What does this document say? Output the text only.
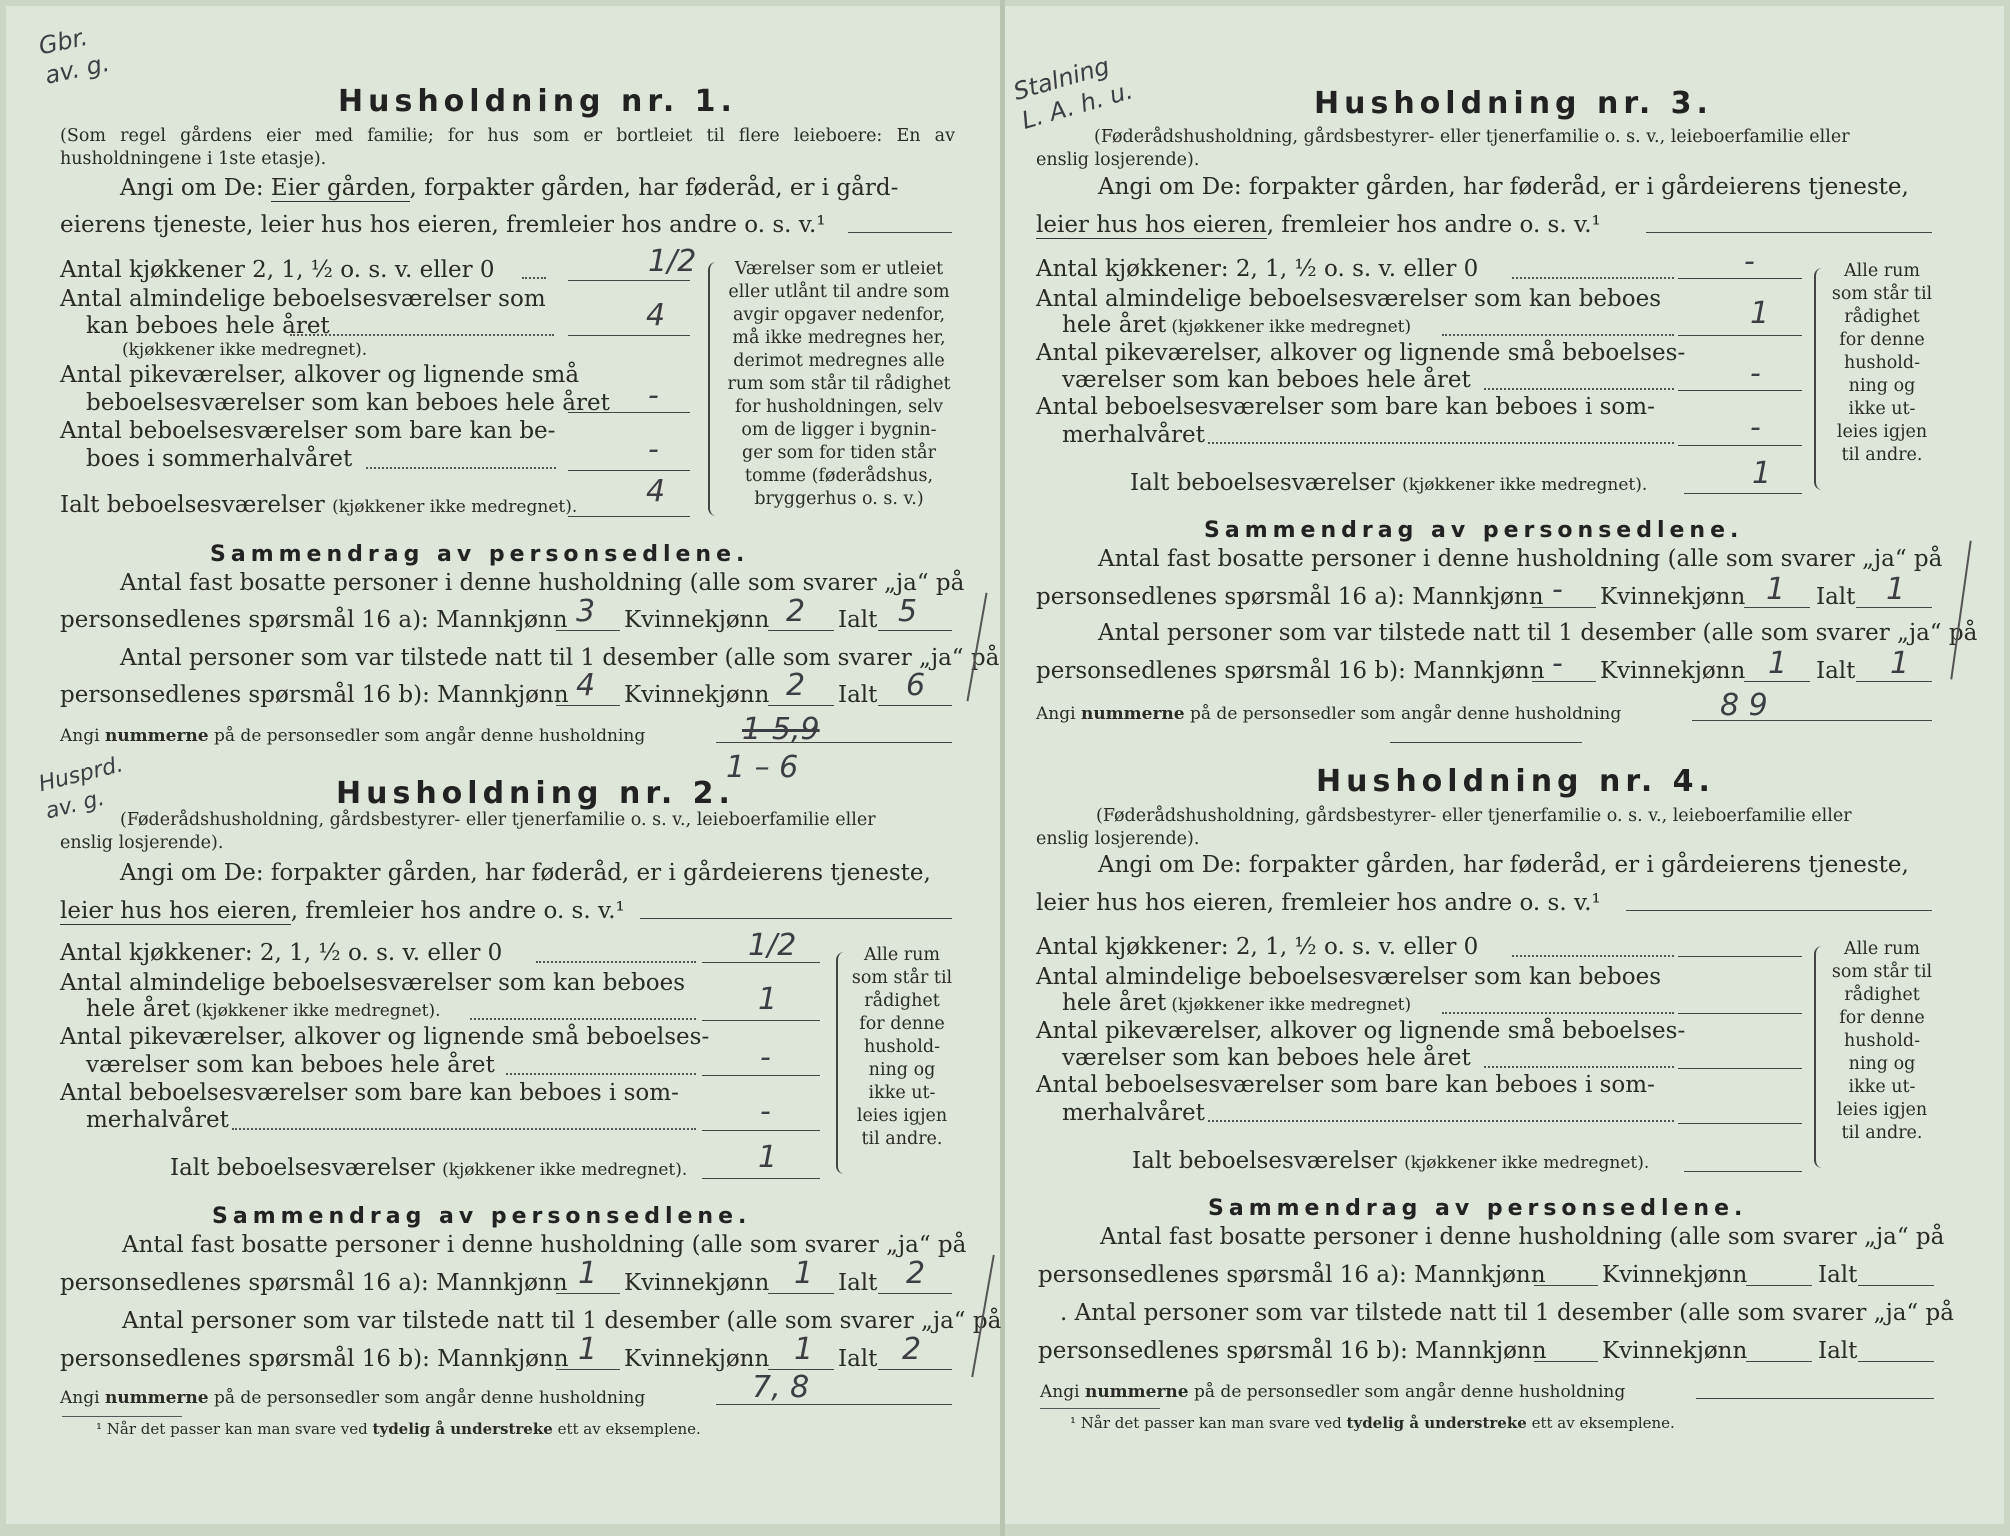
Gbr.
av. g.
Husholdning nr. 1.
(Som regel gårdens eier med familie; for hus som er bortleiet til flere leieboere: En av husholdningene i 1ste etasje).
Angi om De: Eier gården, forpakter gården, har føderåd, er i gård-
eierens tjeneste, leier hus hos eieren, fremleier hos andre o. s. v.¹
Antal kjøkkener 2, 1, ½ o. s. v. eller 0	1/2
Antal almindelige beboelsesværelser som
kan beboes hele året	4
(kjøkkener ikke medregnet).
Antal pikeværelser, alkover og lignende små
beboelsesværelser som kan beboes hele året -
Antal beboelsesværelser som bare kan be-
boes i sommerhalvåret	-
Ialt beboelsesværelser (kjøkkener ikke medregnet). 4
Værelser som er utleiet
eller utlånt til andre som
avgir opgaver nedenfor,
må ikke medregnes her,
derimot medregnes alle
rum som står til rådighet
for husholdningen, selv
om de ligger i bygnin-
ger som for tiden står
tomme (føderådshus,
bryggerhus o. s. v.)
Sammendrag av personsedlene.
Antal fast bosatte personer i denne husholdning (alle som svarer „ja“ på
personsedlenes spørsmål 16 a): Mannkjønn 3 Kvinnekjønn 2 Ialt 5
Antal personer som var tilstede natt til 1 desember (alle som svarer „ja“ på
personsedlenes spørsmål 16 b): Mannkjønn 4 Kvinnekjønn 2 Ialt 6
Angi nummerne på de personsedler som angår denne husholdning	1-5,9
1 – 6
Husprd.
av. g.	Husholdning nr. 2.
(Føderådshusholdning, gårdsbestyrer- eller tjenerfamilie o. s. v., leieboerfamilie eller
enslig losjerende).
Angi om De: forpakter gården, har føderåd, er i gårdeierens tjeneste,
leier hus hos eieren, fremleier hos andre o. s. v.¹
Antal kjøkkener: 2, 1, ½ o. s. v. eller 0	1/2
Antal almindelige beboelsesværelser som kan beboes
hele året (kjøkkener ikke medregnet).	1
Antal pikeværelser, alkover og lignende små beboelses-
værelser som kan beboes hele året	-
Antal beboelsesværelser som bare kan beboes i som-
merhalvåret	-
Ialt beboelsesværelser (kjøkkener ikke medregnet). 1
Alle rum
som står til
rådighet
for denne
hushold-
ning og
ikke ut-
leies igjen
til andre.
Sammendrag av personsedlene.
Antal fast bosatte personer i denne husholdning (alle som svarer „ja“ på
personsedlenes spørsmål 16 a): Mannkjønn 1 Kvinnekjønn 1 Ialt 2
Antal personer som var tilstede natt til 1 desember (alle som svarer „ja“ på
personsedlenes spørsmål 16 b): Mannkjønn 1 Kvinnekjønn 1 Ialt 2
Angi nummerne på de personsedler som angår denne husholdning	7, 8
¹ Når det passer kan man svare ved tydelig å understreke ett av eksemplene.
Stalning
L. A. h. u.	Husholdning nr. 3.
(Føderådshusholdning, gårdsbestyrer- eller tjenerfamilie o. s. v., leieboerfamilie eller
enslig losjerende).
Angi om De: forpakter gården, har føderåd, er i gårdeierens tjeneste,
leier hus hos eieren, fremleier hos andre o. s. v.¹
Antal kjøkkener: 2, 1, ½ o. s. v. eller 0	-
Antal almindelige beboelsesværelser som kan beboes
hele året (kjøkkener ikke medregnet)	1
Antal pikeværelser, alkover og lignende små beboelses-
værelser som kan beboes hele året	-
Antal beboelsesværelser som bare kan beboes i som-
merhalvåret	-
Ialt beboelsesværelser (kjøkkener ikke medregnet).	1
Alle rum
som står til
rådighet
for denne
hushold-
ning og
ikke ut-
leies igjen
til andre.
Sammendrag av personsedlene.
Antal fast bosatte personer i denne husholdning (alle som svarer „ja“ på
personsedlenes spørsmål 16 a): Mannkjønn - Kvinnekjønn 1 Ialt 1
Antal personer som var tilstede natt til 1 desember (alle som svarer „ja“ på
personsedlenes spørsmål 16 b): Mannkjønn - Kvinnekjønn 1 Ialt 1
Angi nummerne på de personsedler som angår denne husholdning	8 9
Husholdning nr. 4.
(Føderådshusholdning, gårdsbestyrer- eller tjenerfamilie o. s. v., leieboerfamilie eller
enslig losjerende).
Angi om De: forpakter gården, har føderåd, er i gårdeierens tjeneste,
leier hus hos eieren, fremleier hos andre o. s. v.¹
Antal kjøkkener: 2, 1, ½ o. s. v. eller 0
Antal almindelige beboelsesværelser som kan beboes
hele året (kjøkkener ikke medregnet)
Antal pikeværelser, alkover og lignende små beboelses-
værelser som kan beboes hele året
Antal beboelsesværelser som bare kan beboes i som-
merhalvåret
Ialt beboelsesværelser (kjøkkener ikke medregnet).
Alle rum
som står til
rådighet
for denne
hushold-
ning og
ikke ut-
leies igjen
til andre.
Sammendrag av personsedlene.
Antal fast bosatte personer i denne husholdning (alle som svarer „ja“ på
personsedlenes spørsmål 16 a): Mannkjønn Kvinnekjønn	Ialt
. Antal personer som var tilstede natt til 1 desember (alle som svarer „ja“ på
personsedlenes spørsmål 16 b): Mannkjønn Kvinnekjønn	Ialt
Angi nummerne på de personsedler som angår denne husholdning
¹ Når det passer kan man svare ved tydelig å understreke ett av eksemplene.
